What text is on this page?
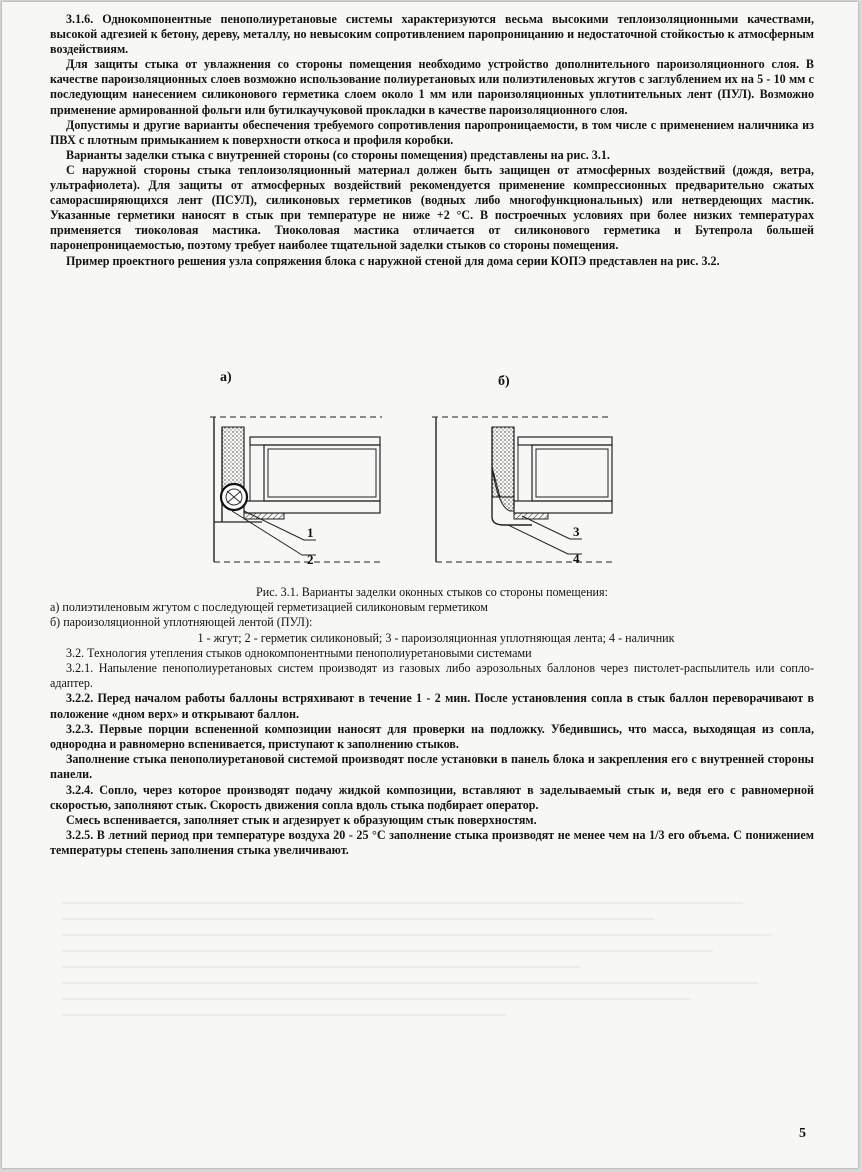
3.1.6. Однокомпонентные пенополиуретановые системы характеризуются весьма высокими теплоизоляционными качествами, высокой адгезией к бетону, дереву, металлу, но невысоким сопротивлением паропроницанию и недостаточной стойкостью к атмосферным воздействиям.

Для защиты стыка от увлажнения со стороны помещения необходимо устройство дополнительного пароизоляционного слоя. В качестве пароизоляционных слоев возможно использование полиуретановых или полиэтиленовых жгутов с заглублением их на 5 - 10 мм с последующим нанесением силиконового герметика слоем около 1 мм или пароизоляционных уплотнительных лент (ПУЛ). Возможно применение армированной фольги или бутилкаучуковой прокладки в качестве пароизоляционного слоя.

Допустимы и другие варианты обеспечения требуемого сопротивления паропроницаемости, в том числе с применением наличника из ПВХ с плотным примыканием к поверхности откоса и профиля коробки.

Варианты заделки стыка с внутренней стороны (со стороны помещения) представлены на рис. 3.1.

С наружной стороны стыка теплоизоляционный материал должен быть защищен от атмосферных воздействий (дождя, ветра, ультрафиолета). Для защиты от атмосферных воздействий рекомендуется применение компрессионных предварительно сжатых саморасширяющихся лент (ПСУЛ), силиконовых герметиков (водных либо многофункциональных) или нетвердеющих мастик. Указанные герметики наносят в стык при температуре не ниже +2 °С. В построечных условиях при более низких температурах применяется тиоколовая мастика. Тиоколовая мастика отличается от силиконового герметика и Бутепрола большей паронепроницаемостью, поэтому требует наиболее тщательной заделки стыков со стороны помещения.

Пример проектного решения узла сопряжения блока с наружной стеной для дома серии КОПЭ представлен на рис. 3.2.

а)	б)
1
2
3
4

Рис. 3.1. Варианты заделки оконных стыков со стороны помещения:

а) полиэтиленовым жгутом с последующей герметизацией силиконовым герметиком

б) пароизоляционной уплотняющей лентой (ПУЛ):

1 - жгут; 2 - герметик силиконовый; 3 - пароизоляционная уплотняющая лента; 4 - наличник

3.2. Технология утепления стыков однокомпонентными пенополиуретановыми системами

3.2.1. Напыление пенополиуретановых систем производят из газовых либо аэрозольных баллонов через пистолет-распылитель или сопло-адаптер.

3.2.2. Перед началом работы баллоны встряхивают в течение 1 - 2 мин. После установления сопла в стык баллон переворачивают в положение «дном верх» и открывают баллон.

3.2.3. Первые порции вспененной композиции наносят для проверки на подложку. Убедившись, что масса, выходящая из сопла, однородна и равномерно вспенивается, приступают к заполнению стыков.

Заполнение стыка пенополиуретановой системой производят после установки в панель блока и закрепления его с внутренней стороны панели.

3.2.4. Сопло, через которое производят подачу жидкой композиции, вставляют в заделываемый стык и, ведя его с равномерной скоростью, заполняют стык. Скорость движения сопла вдоль стыка подбирает оператор.

Смесь вспенивается, заполняет стык и агдезирует к образующим стык поверхностям.

3.2.5. В летний период при температуре воздуха 20 - 25 °С заполнение стыка производят не менее чем на 1/3 его объема. С понижением температуры степень заполнения стыка увеличивают.

5
